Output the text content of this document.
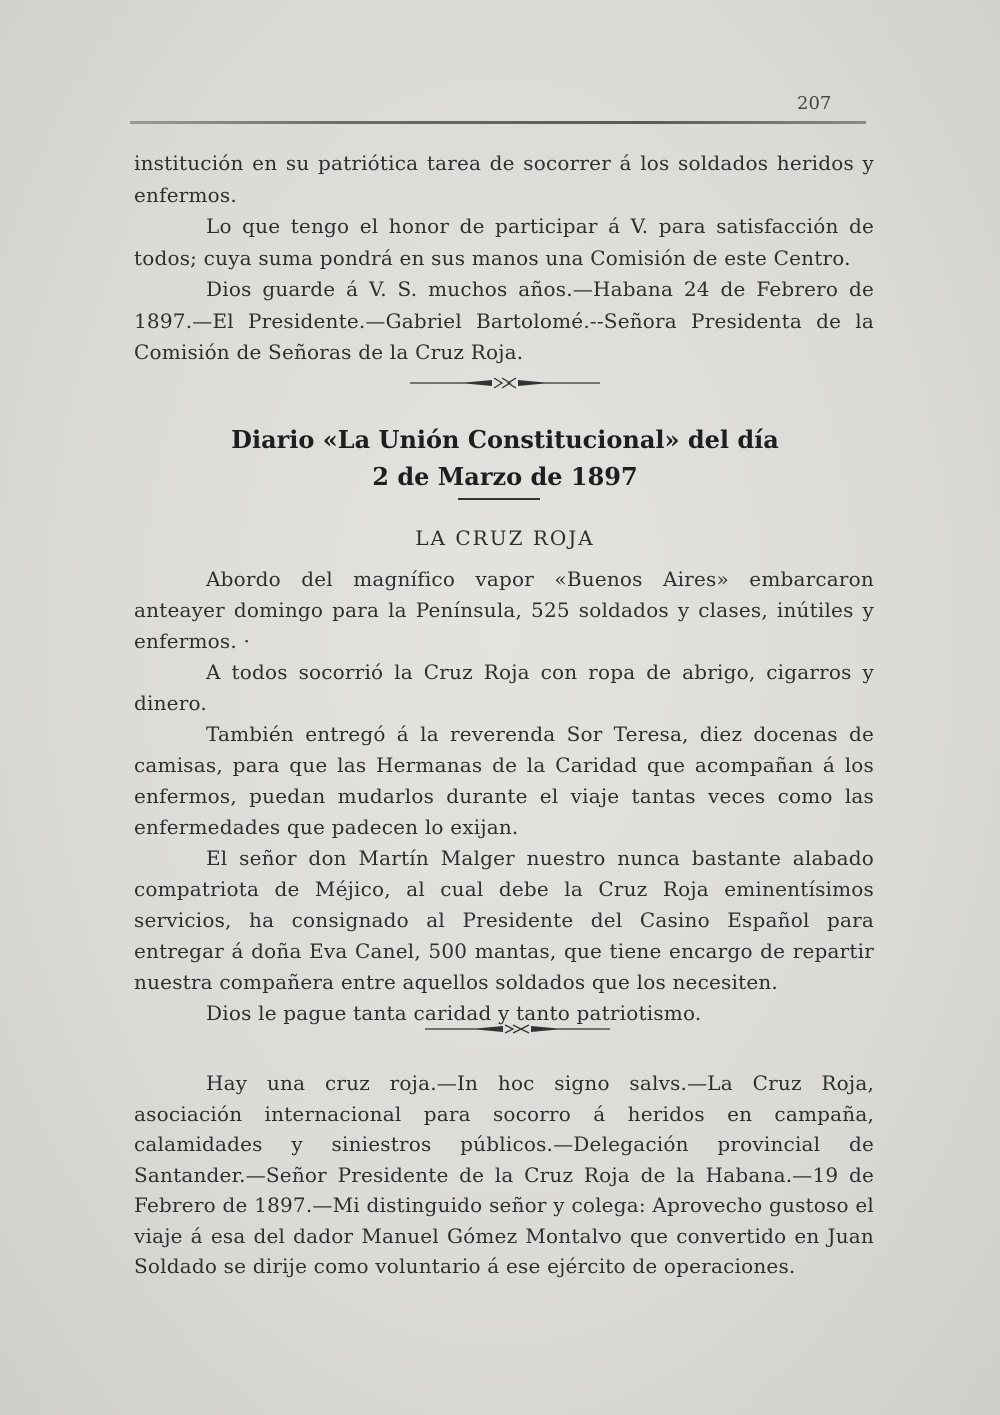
207

institución en su patriótica tarea de socorrer á los soldados heridos y enfermos.

Lo que tengo el honor de participar á V. para satisfacción de todos; cuya suma pondrá en sus manos una Comisión de este Centro.

Dios guarde á V. S. muchos años.—Habana 24 de Febrero de 1897.—El Presidente.—Gabriel Bartolomé.--Señora Presidenta de la Comisión de Señoras de la Cruz Roja.

Diario «La Unión Constitucional» del día
2 de Marzo de 1897
LA CRUZ ROJA

Abordo del magnífico vapor «Buenos Aires» embarcaron anteayer domingo para la Península, 525 soldados y clases, inútiles y enfermos. ·

A todos socorrió la Cruz Roja con ropa de abrigo, cigarros y dinero.

También entregó á la reverenda Sor Teresa, diez docenas de camisas, para que las Hermanas de la Caridad que acompañan á los enfermos, puedan mudarlos durante el viaje tantas veces como las enfermedades que padecen lo exijan.

El señor don Martín Malger nuestro nunca bastante alabado compatriota de Méjico, al cual debe la Cruz Roja eminentísimos servicios, ha consignado al Presidente del Casino Español para entregar á doña Eva Canel, 500 mantas, que tiene encargo de repartir nuestra compañera entre aquellos soldados que los necesiten.

Dios le pague tanta caridad y tanto patriotismo.

Hay una cruz roja.—In hoc signo salvs.—La Cruz Roja, asociación internacional para socorro á heridos en campaña, calamidades y siniestros públicos.—Delegación provincial de Santander.—Señor Presidente de la Cruz Roja de la Habana.—19 de Febrero de 1897.—Mi distinguido señor y colega: Aprovecho gustoso el viaje á esa del dador Manuel Gómez Montalvo que convertido en Juan Soldado se dirije como voluntario á ese ejército de operaciones.
